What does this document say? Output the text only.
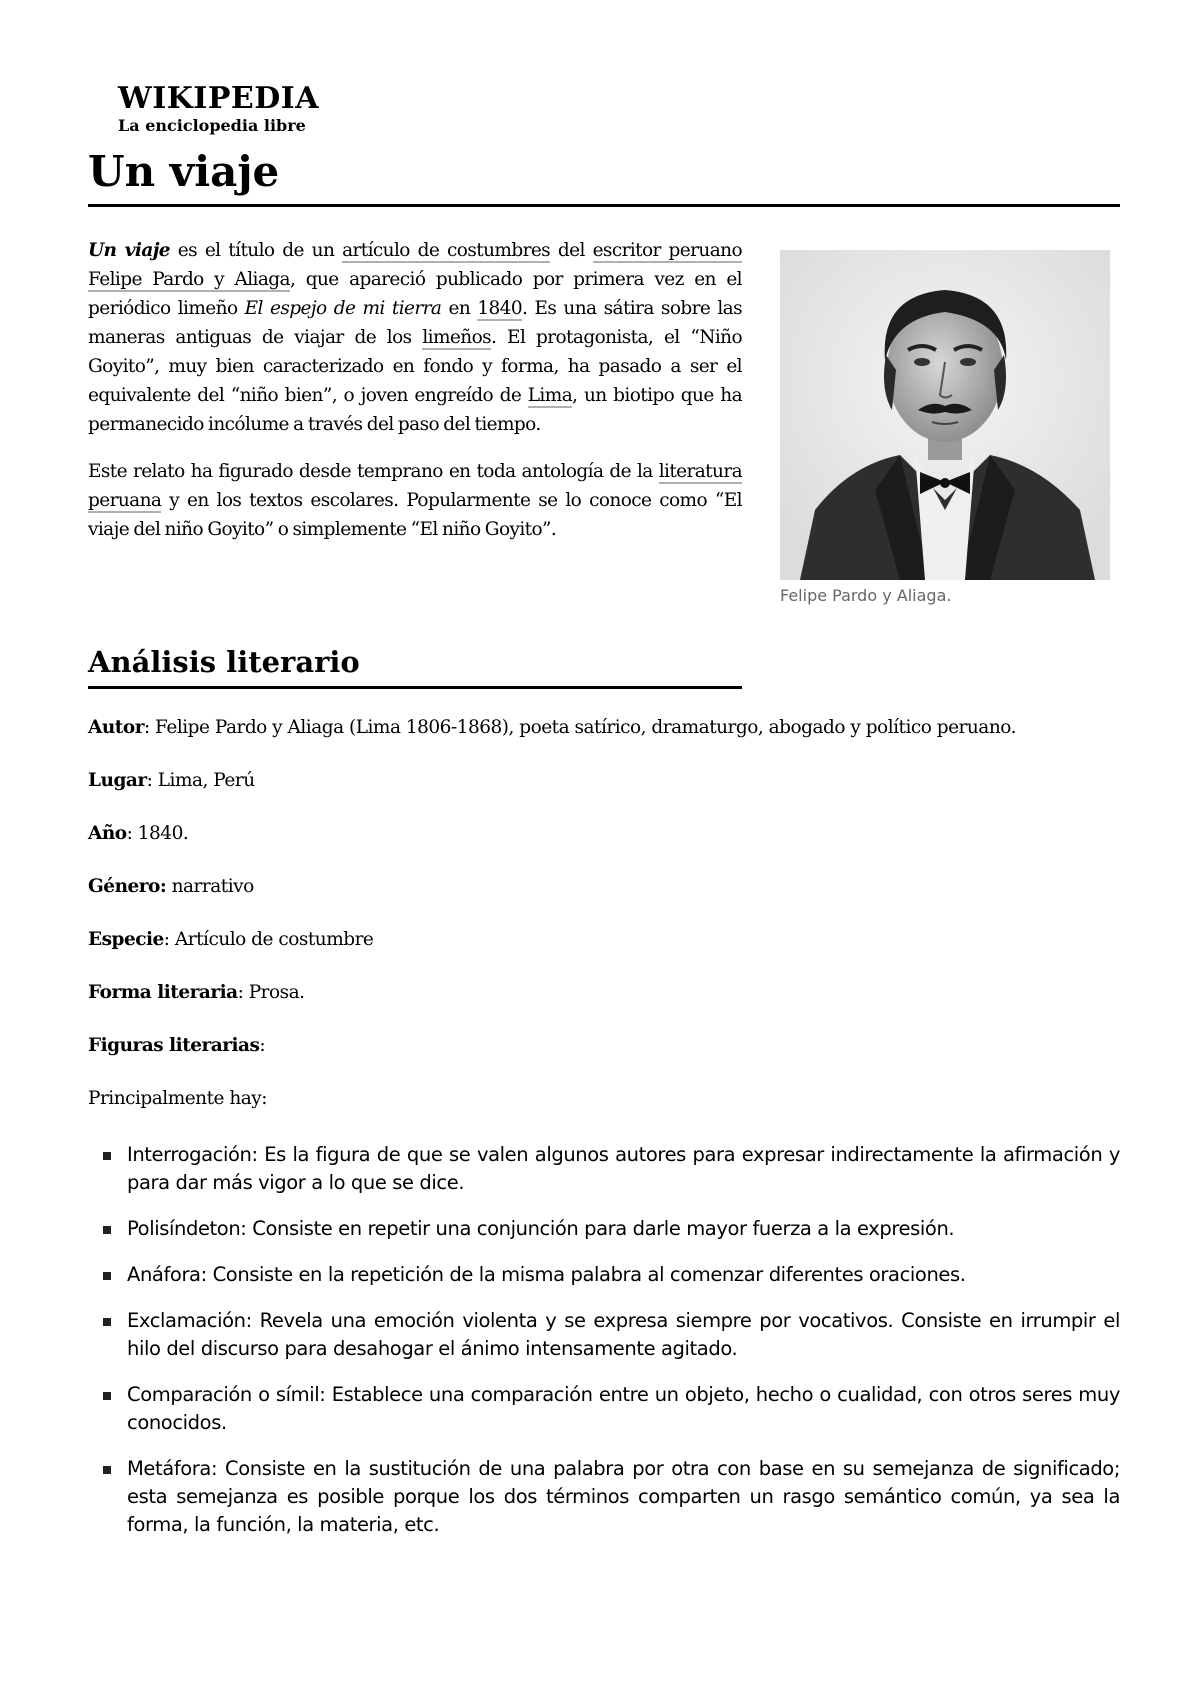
WIKIPEDIA
La enciclopedia libre
Un viaje

Un viaje es el título de un artículo de costumbres del escritor peruano Felipe Pardo y Aliaga, que apareció publicado por primera vez en el periódico limeño El espejo de mi tierra en 1840. Es una sátira sobre las maneras antiguas de viajar de los limeños. El protagonista, el “Niño Goyito”, muy bien caracterizado en fondo y forma, ha pasado a ser el equivalente del “niño bien”, o joven engreído de Lima, un biotipo que ha permanecido incólume a través del paso del tiempo.

Este relato ha figurado desde temprano en toda antología de la literatura peruana y en los textos escolares. Popularmente se lo conoce como “El viaje del niño Goyito” o simplemente “El niño Goyito”.

Felipe Pardo y Aliaga.
Análisis literario

Autor: Felipe Pardo y Aliaga (Lima 1806-1868), poeta satírico, dramaturgo, abogado y político peruano.

Lugar: Lima, Perú

Año: 1840.

Género: narrativo

Especie: Artículo de costumbre

Forma literaria: Prosa.

Figuras literarias:

Principalmente hay:

Interrogación: Es la figura de que se valen algunos autores para expresar indirectamente la afirmación y para dar más vigor a lo que se dice.
Polisíndeton: Consiste en repetir una conjunción para darle mayor fuerza a la expresión.
Anáfora: Consiste en la repetición de la misma palabra al comenzar diferentes oraciones.
Exclamación: Revela una emoción violenta y se expresa siempre por vocativos. Consiste en irrumpir el hilo del discurso para desahogar el ánimo intensamente agitado.
Comparación o símil: Establece una comparación entre un objeto, hecho o cualidad, con otros seres muy conocidos.
Metáfora: Consiste en la sustitución de una palabra por otra con base en su semejanza de significado; esta semejanza es posible porque los dos términos comparten un rasgo semántico común, ya sea la forma, la función, la materia, etc.
